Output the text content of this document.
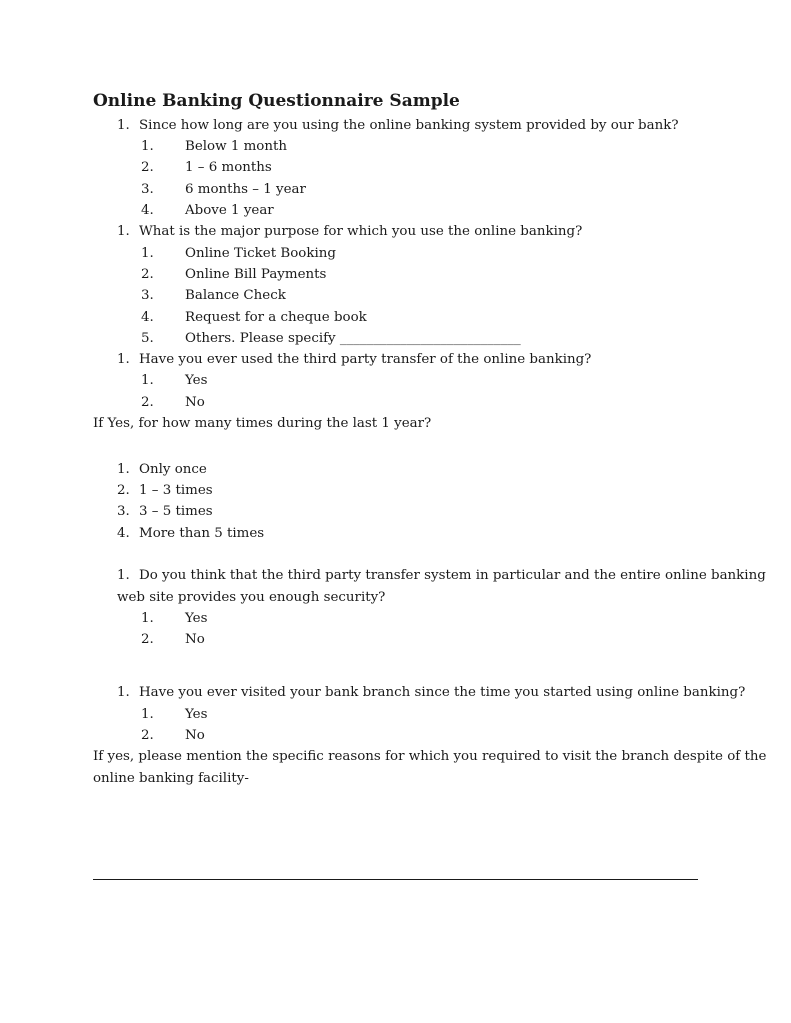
Online Banking Questionnaire Sample
1. Since how long are you using the online banking system provided by our bank?
1. Below 1 month
2. 1 – 6 months
3. 6 months – 1 year
4. Above 1 year
1. What is the major purpose for which you use the online banking?
1. Online Ticket Booking
2. Online Bill Payments
3. Balance Check
4. Request for a cheque book
5. Others. Please specify ___________________________
1. Have you ever used the third party transfer of the online banking?
1. Yes
2. No
If Yes, for how many times during the last 1 year?
1. Only once
2. 1 – 3 times
3. 3 – 5 times
4. More than 5 times
1. Do you think that the third party transfer system in particular and the entire online banking
web site provides you enough security?
1. Yes
2. No
1. Have you ever visited your bank branch since the time you started using online banking?
1. Yes
2. No
If yes, please mention the specific reasons for which you required to visit the branch despite of the
online banking facility-
